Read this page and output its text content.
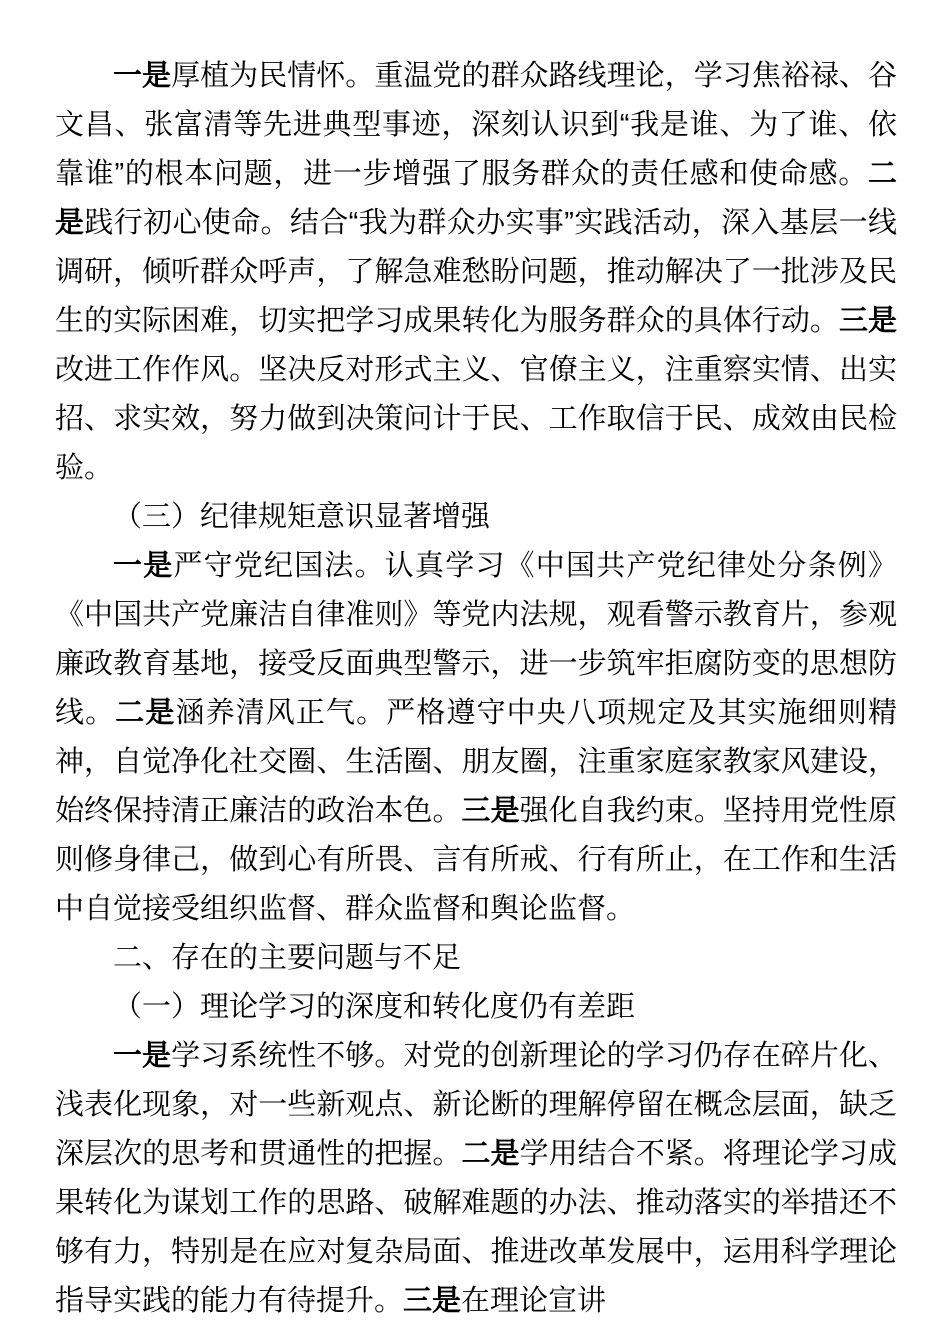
一是厚植为民情怀。重温党的群众路线理论，学习焦裕禄、谷文昌、张富清等先进典型事迹，深刻认识到“我是谁、为了谁、依靠谁”的根本问题，进一步增强了服务群众的责任感和使命感。二是践行初心使命。结合“我为群众办实事”实践活动，深入基层一线调研，倾听群众呼声，了解急难愁盼问题，推动解决了一批涉及民生的实际困难，切实把学习成果转化为服务群众的具体行动。三是改进工作作风。坚决反对形式主义、官僚主义，注重察实情、出实招、求实效，努力做到决策问计于民、工作取信于民、成效由民检验。

（三）纪律规矩意识显著增强

一是严守党纪国法。认真学习《中国共产党纪律处分条例》《中国共产党廉洁自律准则》等党内法规，观看警示教育片，参观廉政教育基地，接受反面典型警示，进一步筑牢拒腐防变的思想防线。二是涵养清风正气。严格遵守中央八项规定及其实施细则精神，自觉净化社交圈、生活圈、朋友圈，注重家庭家教家风建设，始终保持清正廉洁的政治本色。三是强化自我约束。坚持用党性原则修身律己，做到心有所畏、言有所戒、行有所止，在工作和生活中自觉接受组织监督、群众监督和舆论监督。

二、存在的主要问题与不足

（一）理论学习的深度和转化度仍有差距

一是学习系统性不够。对党的创新理论的学习仍存在碎片化、浅表化现象，对一些新观点、新论断的理解停留在概念层面，缺乏深层次的思考和贯通性的把握。二是学用结合不紧。将理论学习成果转化为谋划工作的思路、破解难题的办法、推动落实的举措还不够有力，特别是在应对复杂局面、推进改革发展中，运用科学理论指导实践的能力有待提升。三是在理论宣讲
